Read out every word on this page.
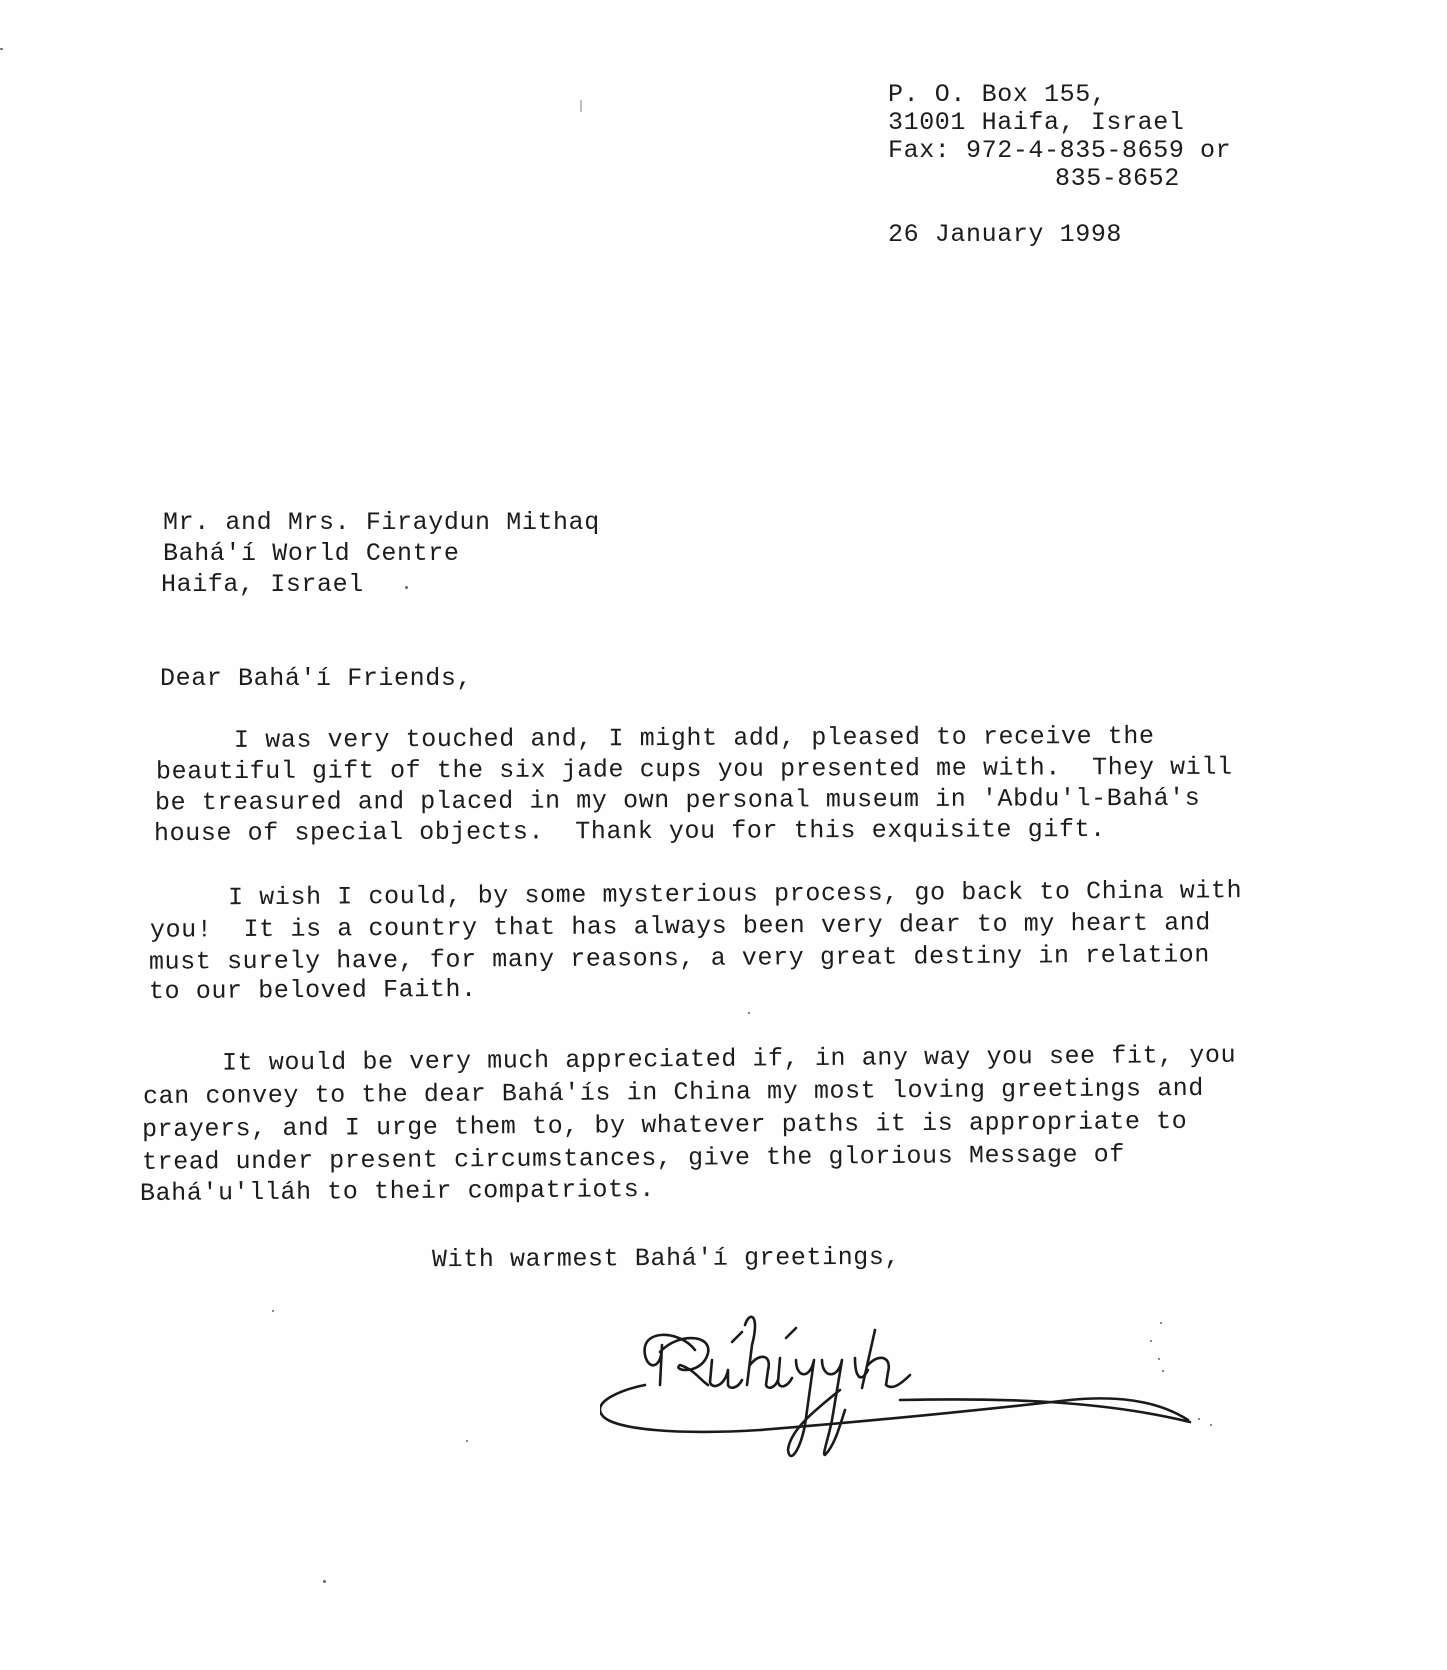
P. O. Box 155,
31001 Haifa, Israel
Fax: 972-4-835-8659 or
835-8652
26 January 1998
Mr. and Mrs. Firaydun Mithaq
Bahá'í World Centre
Haifa, Israel
Dear Bahá'í Friends,
I was very touched and, I might add, pleased to receive the
beautiful gift of the six jade cups you presented me with.  They will
be treasured and placed in my own personal museum in 'Abdu'l-Bahá's
house of special objects.  Thank you for this exquisite gift.
I wish I could, by some mysterious process, go back to China with
you!  It is a country that has always been very dear to my heart and
must surely have, for many reasons, a very great destiny in relation
to our beloved Faith.
It would be very much appreciated if, in any way you see fit, you
can convey to the dear Bahá'ís in China my most loving greetings and
prayers, and I urge them to, by whatever paths it is appropriate to
tread under present circumstances, give the glorious Message of
Bahá'u'lláh to their compatriots.
With warmest Bahá'í greetings,
